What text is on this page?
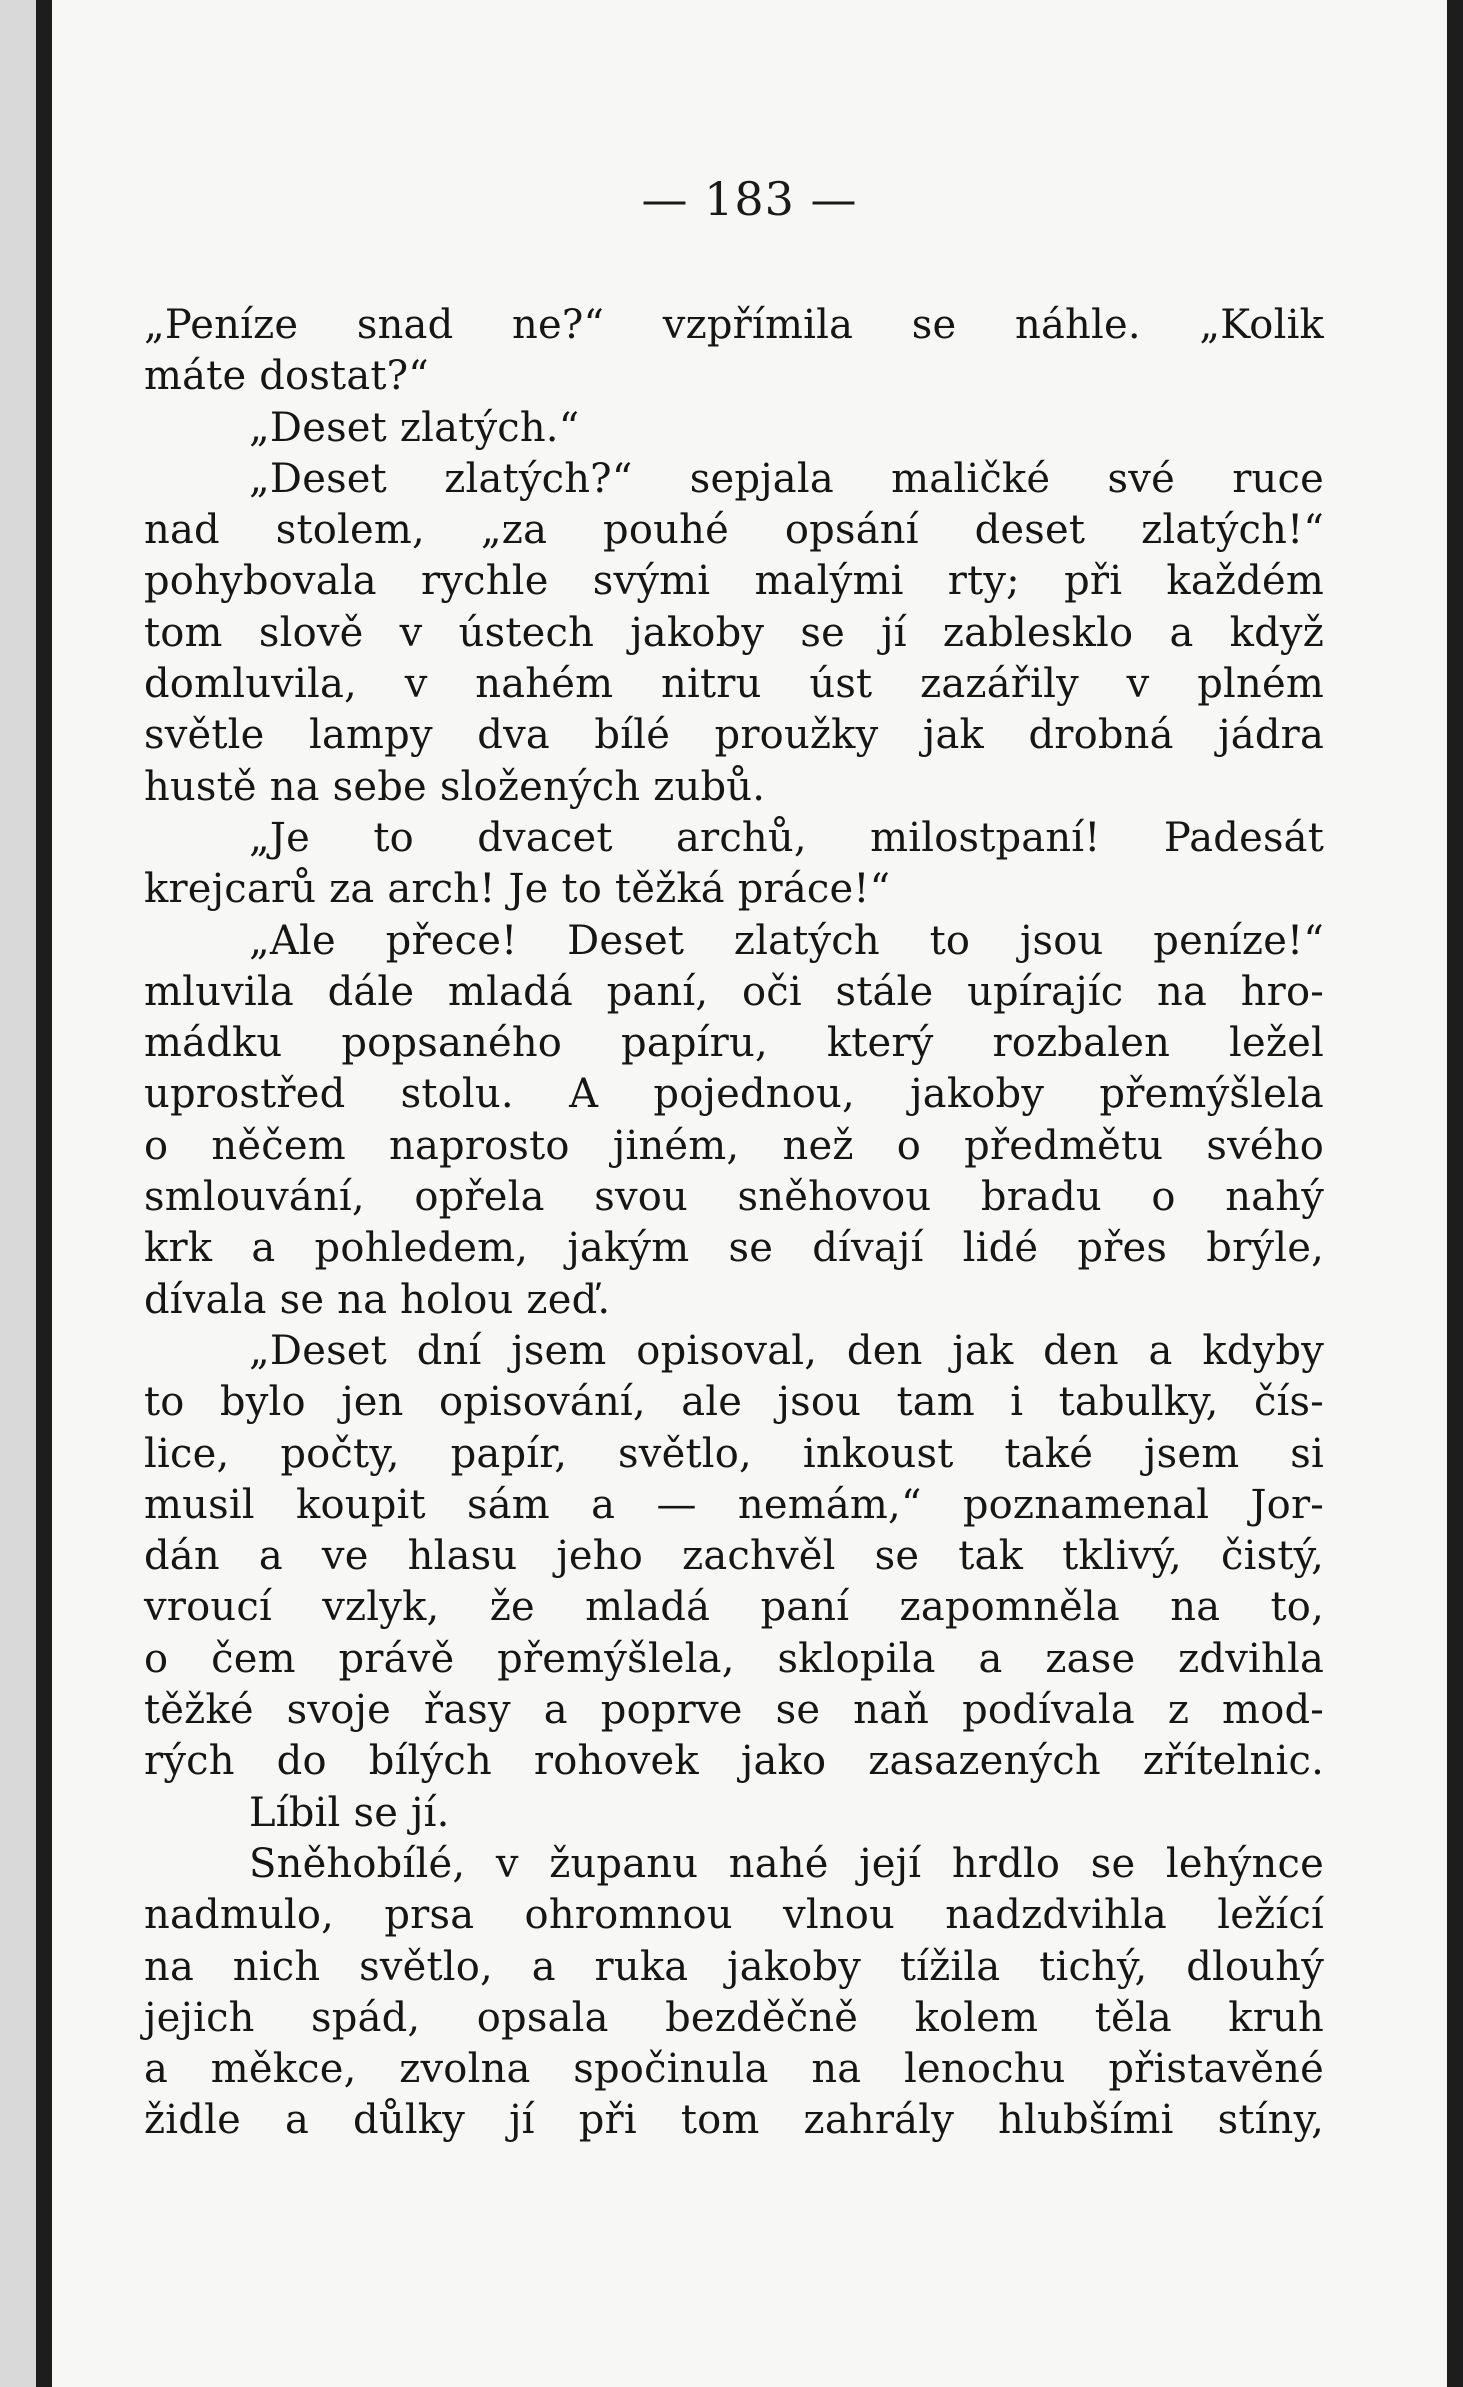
— 183 —
„Peníze snad ne?“ vzpřímila se náhle. „Kolik
máte dostat?“
„Deset zlatých.“
„Deset zlatých?“ sepjala maličké své ruce
nad stolem, „za pouhé opsání deset zlatých!“
pohybovala rychle svými malými rty; při každém
tom slově v ústech jakoby se jí zablesklo a když
domluvila, v nahém nitru úst zazářily v plném
světle lampy dva bílé proužky jak drobná jádra
hustě na sebe složených zubů.
„Je to dvacet archů, milostpaní! Padesát
krejcarů za arch! Je to těžká práce!“
„Ale přece! Deset zlatých to jsou peníze!“
mluvila dále mladá paní, oči stále upírajíc na hro-
mádku popsaného papíru, který rozbalen ležel
uprostřed stolu. A pojednou, jakoby přemýšlela
o něčem naprosto jiném, než o předmětu svého
smlouvání, opřela svou sněhovou bradu o nahý
krk a pohledem, jakým se dívají lidé přes brýle,
dívala se na holou zeď.
„Deset dní jsem opisoval, den jak den a kdyby
to bylo jen opisování, ale jsou tam i tabulky, čís-
lice, počty, papír, světlo, inkoust také jsem si
musil koupit sám a — nemám,“ poznamenal Jor-
dán a ve hlasu jeho zachvěl se tak tklivý, čistý,
vroucí vzlyk, že mladá paní zapomněla na to,
o čem právě přemýšlela, sklopila a zase zdvihla
těžké svoje řasy a poprve se naň podívala z mod-
rých do bílých rohovek jako zasazených zřítelnic.
Líbil se jí.
Sněhobílé, v županu nahé její hrdlo se lehýnce
nadmulo, prsa ohromnou vlnou nadzdvihla ležící
na nich světlo, a ruka jakoby tížila tichý, dlouhý
jejich spád, opsala bezděčně kolem těla kruh
a měkce, zvolna spočinula na lenochu přistavěné
židle a důlky jí při tom zahrály hlubšími stíny,
